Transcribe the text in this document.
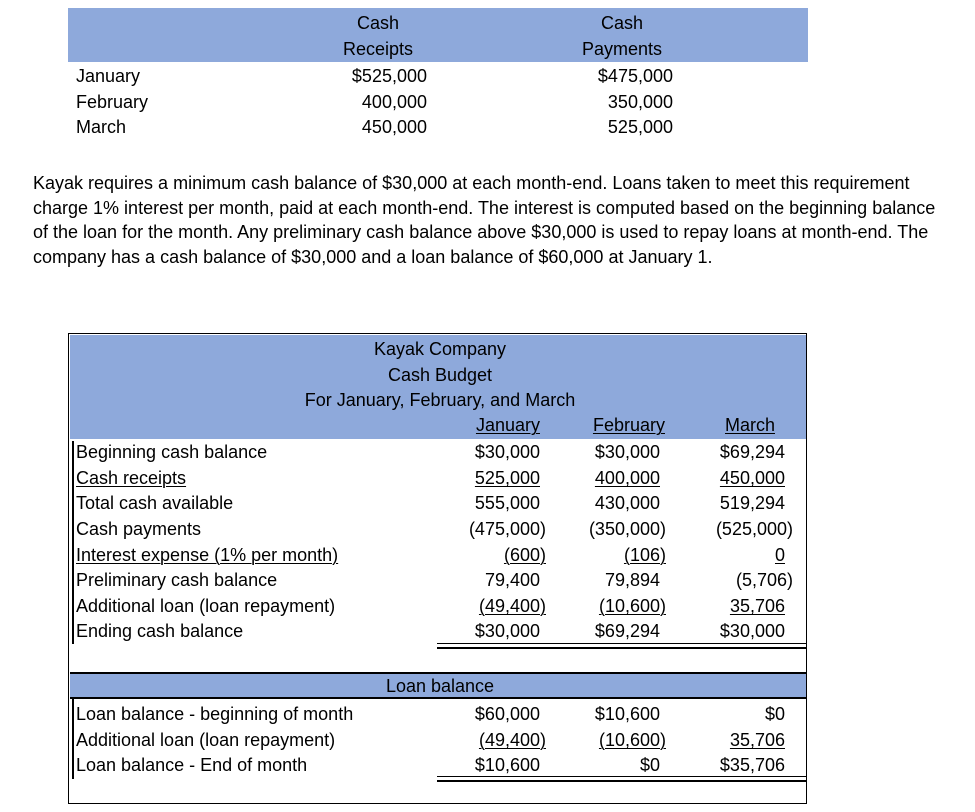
Cash
Receipts
Cash
Payments
January	$525,000	$475,000
February	400,000	350,000
March	450,000	525,000

Kayak requires a minimum cash balance of $30,000 at each month-end. Loans taken to meet this requirement charge 1% interest per month, paid at each month-end. The interest is computed based on the beginning balance of the loan for the month. Any preliminary cash balance above $30,000 is used to repay loans at month-end. The company has a cash balance of $30,000 and a loan balance of $60,000 at January 1.

Kayak Company
Cash Budget
For January, February, and March
January	February	March
Beginning cash balance	$30,000	$30,000	$69,294
Cash receipts	525,000	400,000	450,000
Total cash available	555,000	430,000	519,294
Cash payments	(475,000)	(350,000)	(525,000)
Interest expense (1% per month)	(600)	(106)	0
Preliminary cash balance	79,400	79,894	(5,706)
Additional loan (loan repayment)	(49,400)	(10,600)	35,706
Ending cash balance	$30,000	$69,294	$30,000
Loan balance
Loan balance - beginning of month	$60,000	$10,600	$0
Additional loan (loan repayment)	(49,400)	(10,600)	35,706
Loan balance - End of month	$10,600	$0	$35,706
